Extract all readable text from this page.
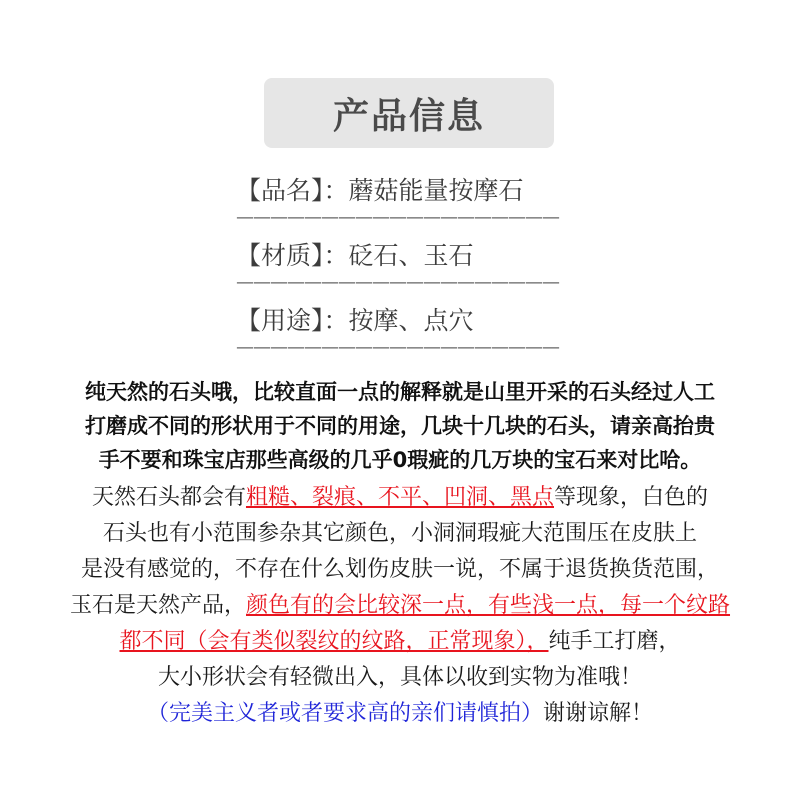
产品信息
【品名】：蘑菇能量按摩石
———————————————————
【材质】：砭石、玉石
———————————————————
【用途】：按摩、点穴
———————————————————
纯天然的石头哦，比较直面一点的解释就是山里开采的石头经过人工
打磨成不同的形状用于不同的用途，几块十几块的石头，请亲高抬贵
手不要和珠宝店那些高级的几乎0瑕疵的几万块的宝石来对比哈。
天然石头都会有粗糙、裂痕、不平、凹洞、黑点等现象，白色的
石头也有小范围参杂其它颜色，小洞洞瑕疵大范围压在皮肤上
是没有感觉的，不存在什么划伤皮肤一说，不属于退货换货范围，
玉石是天然产品，颜色有的会比较深一点，有些浅一点，每一个纹路
都不同（会有类似裂纹的纹路，正常现象），纯手工打磨，
大小形状会有轻微出入，具体以收到实物为准哦！
（完美主义者或者要求高的亲们请慎拍）谢谢谅解！
